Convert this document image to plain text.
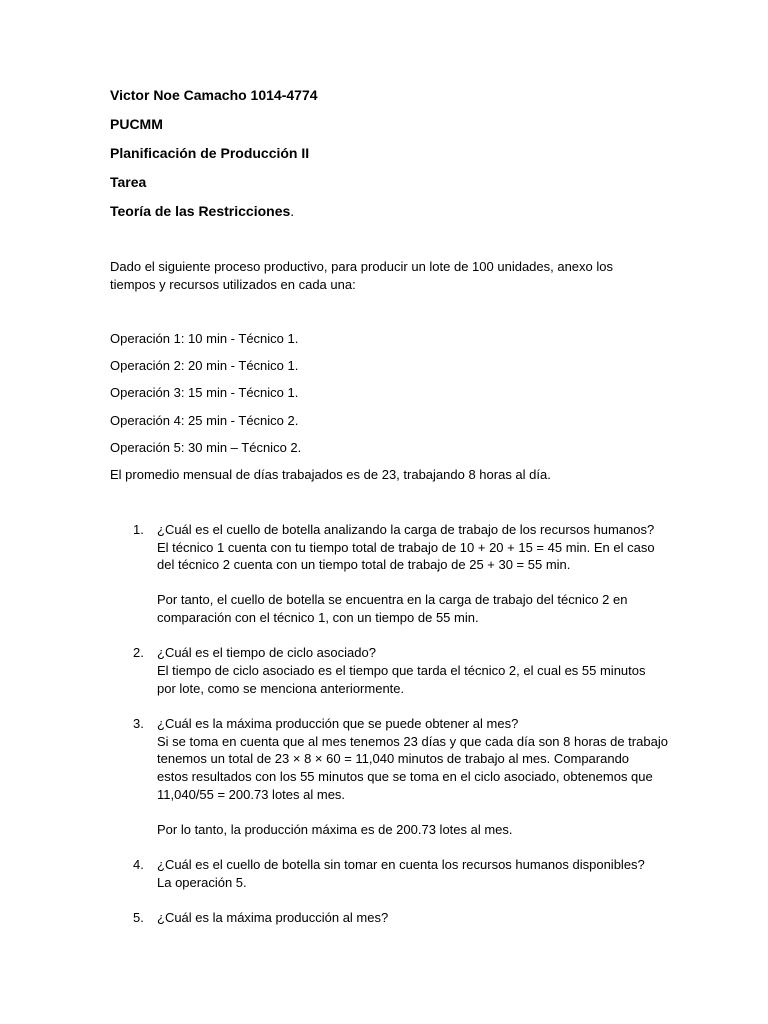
Victor Noe Camacho 1014-4774
PUCMM
Planificación de Producción II
Tarea
Teoría de las Restricciones.
Dado el siguiente proceso productivo, para producir un lote de 100 unidades, anexo los
tiempos y recursos utilizados en cada una:
Operación 1: 10 min - Técnico 1.
Operación 2: 20 min - Técnico 1.
Operación 3: 15 min - Técnico 1.
Operación 4: 25 min - Técnico 2.
Operación 5: 30 min – Técnico 2.
El promedio mensual de días trabajados es de 23, trabajando 8 horas al día.
1. ¿Cuál es el cuello de botella analizando la carga de trabajo de los recursos humanos?
El técnico 1 cuenta con tu tiempo total de trabajo de 10 + 20 + 15 = 45 min. En el caso
del técnico 2 cuenta con un tiempo total de trabajo de 25 + 30 = 55 min.
Por tanto, el cuello de botella se encuentra en la carga de trabajo del técnico 2 en
comparación con el técnico 1, con un tiempo de 55 min.
2. ¿Cuál es el tiempo de ciclo asociado?
El tiempo de ciclo asociado es el tiempo que tarda el técnico 2, el cual es 55 minutos
por lote, como se menciona anteriormente.
3. ¿Cuál es la máxima producción que se puede obtener al mes?
Si se toma en cuenta que al mes tenemos 23 días y que cada día son 8 horas de trabajo
tenemos un total de 23 × 8 × 60 = 11,040 minutos de trabajo al mes. Comparando
estos resultados con los 55 minutos que se toma en el ciclo asociado, obtenemos que
11,040/55 = 200.73 lotes al mes.
Por lo tanto, la producción máxima es de 200.73 lotes al mes.
4. ¿Cuál es el cuello de botella sin tomar en cuenta los recursos humanos disponibles?
La operación 5.
5. ¿Cuál es la máxima producción al mes?
